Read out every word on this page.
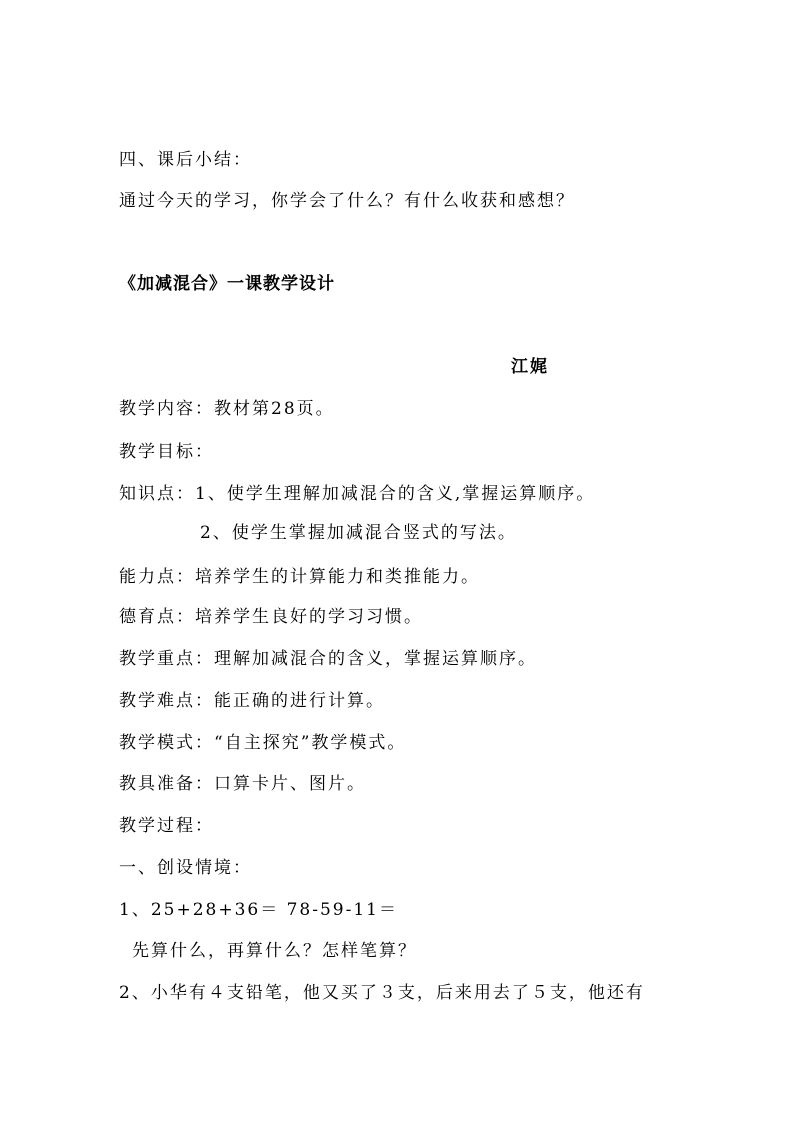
四、课后小结：
通过今天的学习，你学会了什么？有什么收获和感想？
《加减混合》一课教学设计
江娓
教学内容：教材第28页。
教学目标：
知识点：1、使学生理解加减混合的含义,掌握运算顺序。
2、使学生掌握加减混合竖式的写法。
能力点：培养学生的计算能力和类推能力。
德育点：培养学生良好的学习习惯。
教学重点：理解加减混合的含义，掌握运算顺序。
教学难点：能正确的进行计算。
教学模式：“自主探究”教学模式。
教具准备：口算卡片、图片。
教学过程：
一、创设情境：
1、25+28+36＝ 78-59-11＝
先算什么，再算什么？怎样笔算？
2、小华有４支铅笔，他又买了３支，后来用去了５支，他还有
